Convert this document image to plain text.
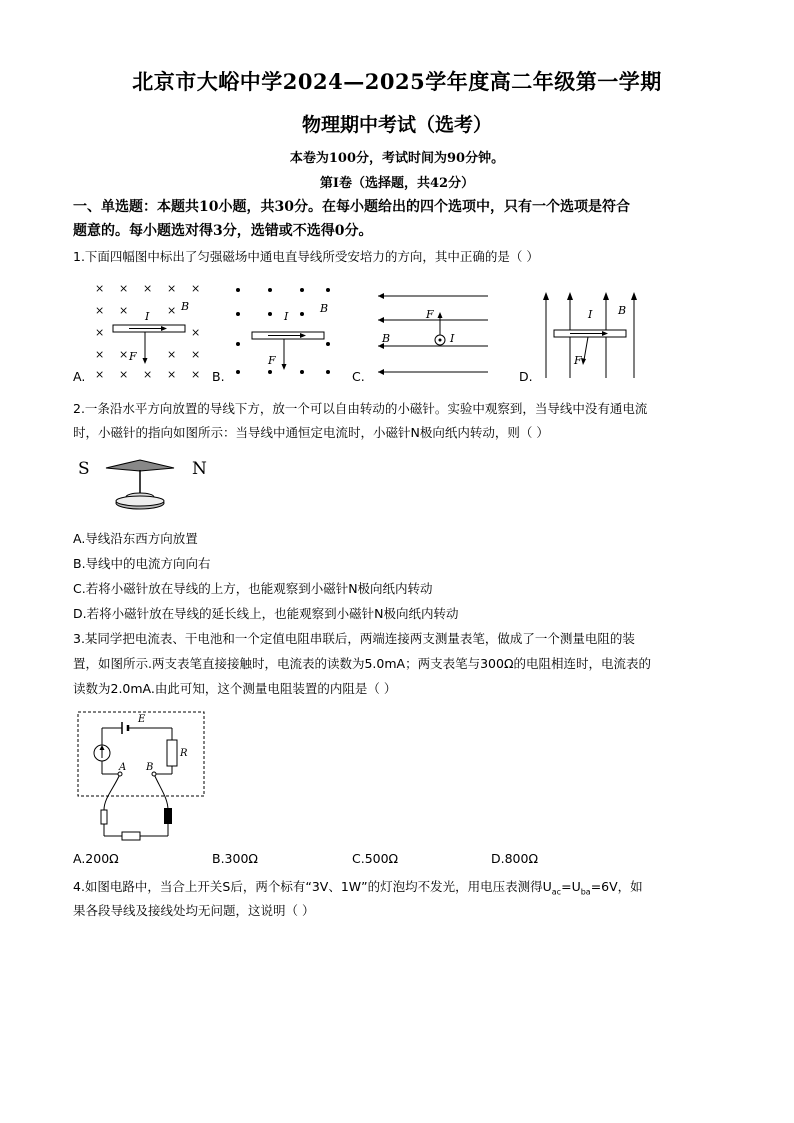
北京市大峪中学2024—2025学年度高二年级第一学期
物理期中考试（选考）
本卷为100分，考试时间为90分钟。
第I卷（选择题，共42分）
一、单选题：本题共10小题，共30分。在每小题给出的四个选项中，只有一个选项是符合
题意的。每小题选对得3分，选错或不选得0分。
1.下面四幅图中标出了匀强磁场中通电直导线所受安培力的方向，其中正确的是（ ）
× × × × ×
× ×	×
×	×
× ×	× ×
× × × × ×
I
B
F
A.
I
B
F
B.
F
I
B
C.
I B
F
D.
2.一条沿水平方向放置的导线下方，放一个可以自由转动的小磁针。实验中观察到，当导线中没有通电流
时，小磁针的指向如图所示：当导线中通恒定电流时，小磁针N极向纸内转动，则（ ）
S	N
A.导线沿东西方向放置
B.导线中的电流方向向右
C.若将小磁针放在导线的上方，也能观察到小磁针N极向纸内转动
D.若将小磁针放在导线的延长线上，也能观察到小磁针N极向纸内转动
3.某同学把电流表、干电池和一个定值电阻串联后，两端连接两支测量表笔，做成了一个测量电阻的装
置，如图所示.两支表笔直接接触时，电流表的读数为5.0mA；两支表笔与300Ω的电阻相连时，电流表的
读数为2.0mA.由此可知，这个测量电阻装置的内阻是（ ）
E
R
A B
A.200Ω	B.300Ω	C.500Ω	D.800Ω
4.如图电路中，当合上开关S后，两个标有“3V、1W”的灯泡均不发光，用电压表测得$U_{ac}=U_{ba}=6V$，如
果各段导线及接线处均无问题，这说明（ ）
